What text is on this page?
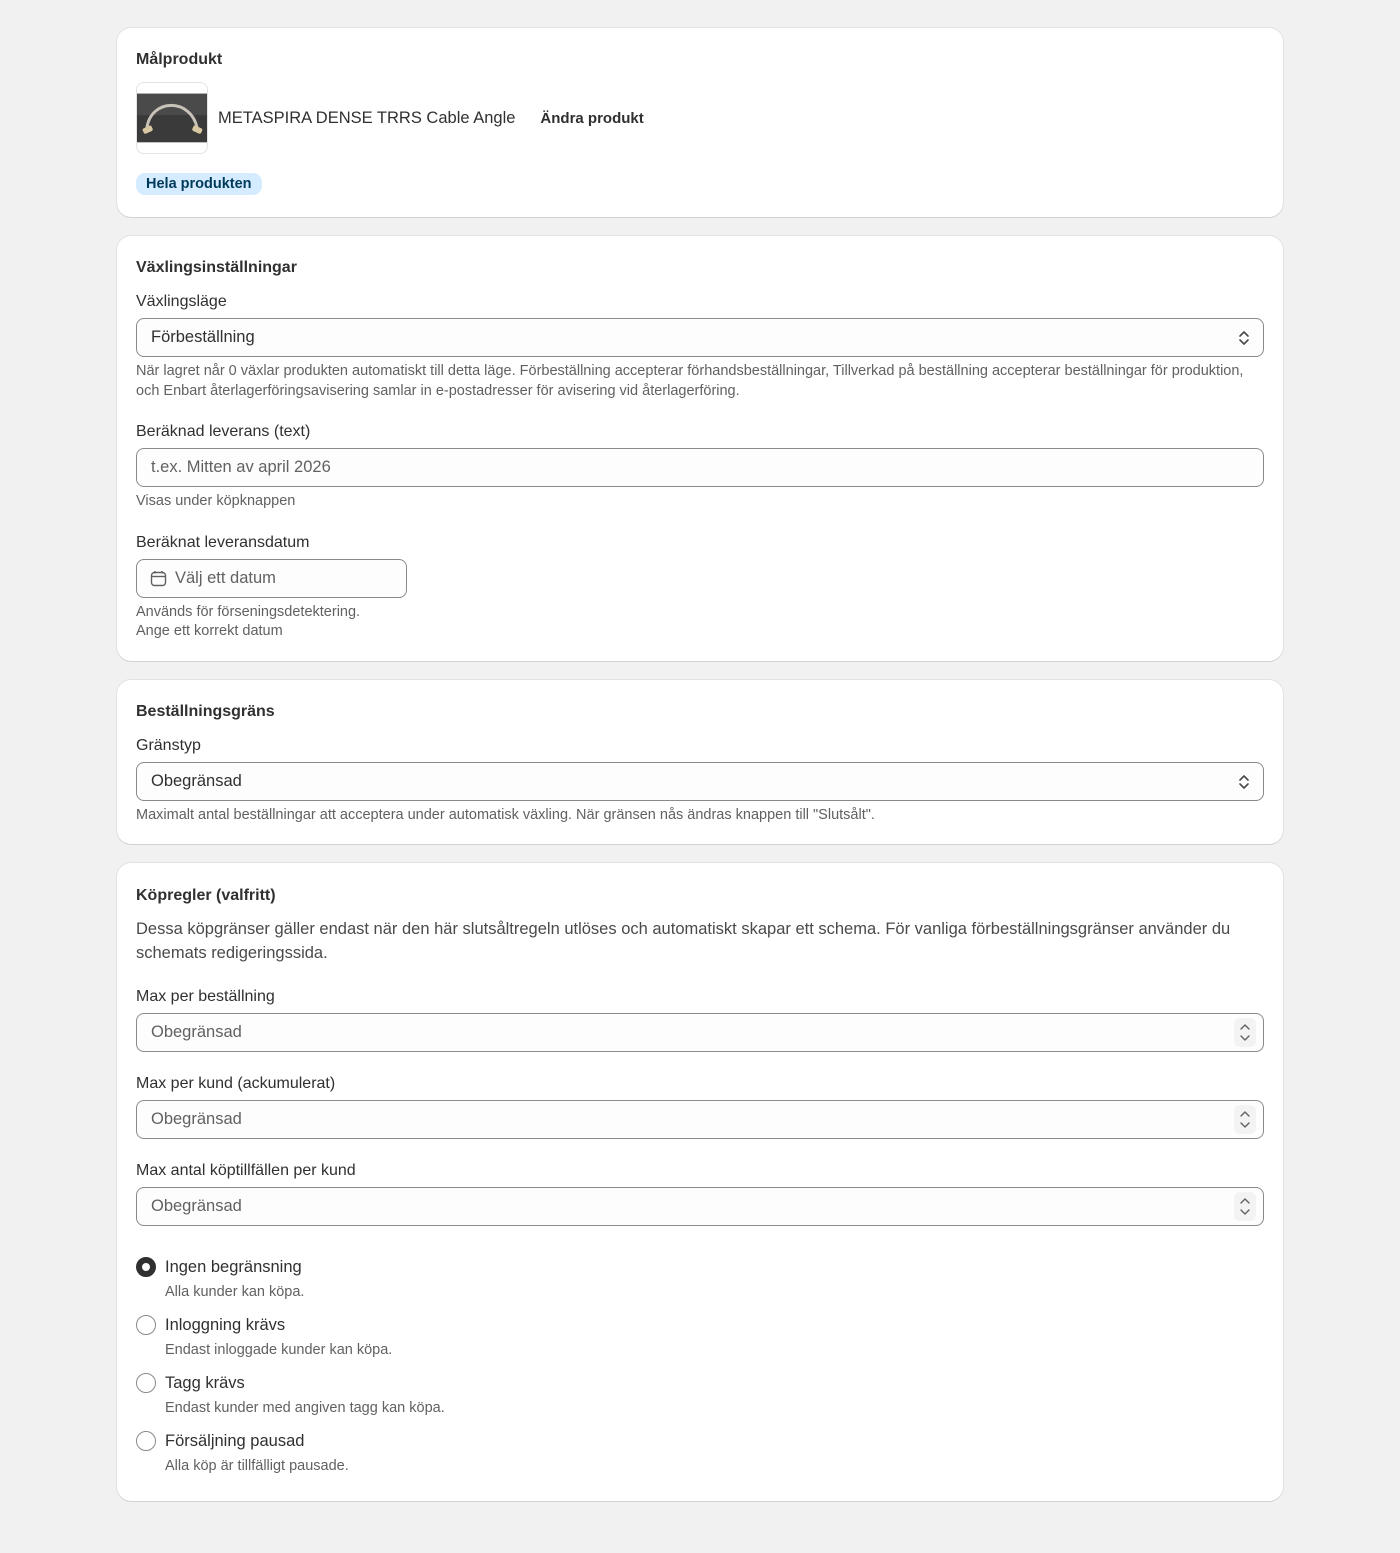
Målprodukt
METASPIRA DENSE TRRS Cable Angle Ändra produkt
Hela produkten
Växlingsinställningar
Växlingsläge
Förbeställning
När lagret når 0 växlar produkten automatiskt till detta läge. Förbeställning accepterar förhandsbeställningar, Tillverkad på beställning accepterar beställningar för produktion, och Enbart återlagerföringsavisering samlar in e-postadresser för avisering vid återlagerföring.
Beräknad leverans (text)
t.ex. Mitten av april 2026
Visas under köpknappen
Beräknat leveransdatum
Välj ett datum
Används för förseningsdetektering.
Ange ett korrekt datum
Beställningsgräns
Gränstyp
Obegränsad
Maximalt antal beställningar att acceptera under automatisk växling. När gränsen nås ändras knappen till "Slutsålt".
Köpregler (valfritt)
Dessa köpgränser gäller endast när den här slutsåltregeln utlöses och automatiskt skapar ett schema. För vanliga förbeställningsgränser använder du schemats redigeringssida.
Max per beställning
Obegränsad
Max per kund (ackumulerat)
Obegränsad
Max antal köptillfällen per kund
Obegränsad
Ingen begränsning
Alla kunder kan köpa.
Inloggning krävs
Endast inloggade kunder kan köpa.
Tagg krävs
Endast kunder med angiven tagg kan köpa.
Försäljning pausad
Alla köp är tillfälligt pausade.
